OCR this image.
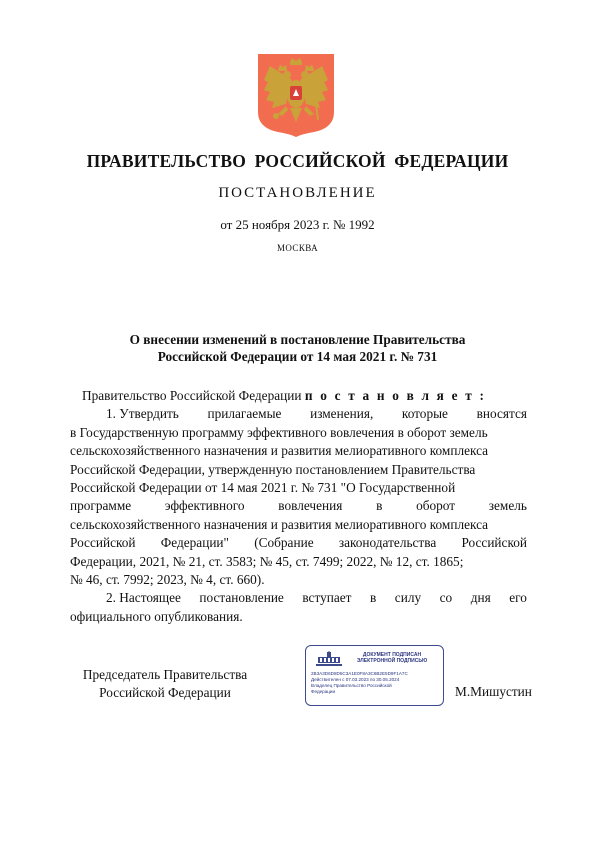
ПРАВИТЕЛЬСТВО РОССИЙСКОЙ ФЕДЕРАЦИИ
ПОСТАНОВЛЕНИЕ
от 25 ноября 2023 г. № 1992
МОСКВА
О внесении изменений в постановление Правительства
Российской Федерации от 14 мая 2021 г. № 731
Правительство Российской Федерации п о с т а н о в л я е т :
1. Утвердить прилагаемые изменения, которые вносятся
в Государственную программу эффективного вовлечения в оборот земель
сельскохозяйственного назначения и развития мелиоративного комплекса
Российской Федерации, утвержденную постановлением Правительства
Российской Федерации от 14 мая 2021 г. № 731 "О Государственной
программе	эффективного	вовлечения	в	оборот	земель
сельскохозяйственного назначения и развития мелиоративного комплекса
Российской Федерации" (Собрание законодательства Российской
Федерации, 2021, № 21, ст. 3583; № 45, ст. 7499; 2022, № 12, ст. 1865;
№ 46, ст. 7992; 2023, № 4, ст. 660).
2. Настоящее постановление вступает в силу со дня его
официального опубликования.
Председатель Правительства
Российской Федерации
ДОКУМЕНТ ПОДПИСАН
ЭЛЕКТРОННОЙ ПОДПИСЬЮ
2B3A3D6D8D5C3A1E0F8A3C6B2E5D9F1A7C
Действителен с 07.03.2023 по 30.05.2024
Владелец Правительство Российской
Федерации	М.Мишустин
